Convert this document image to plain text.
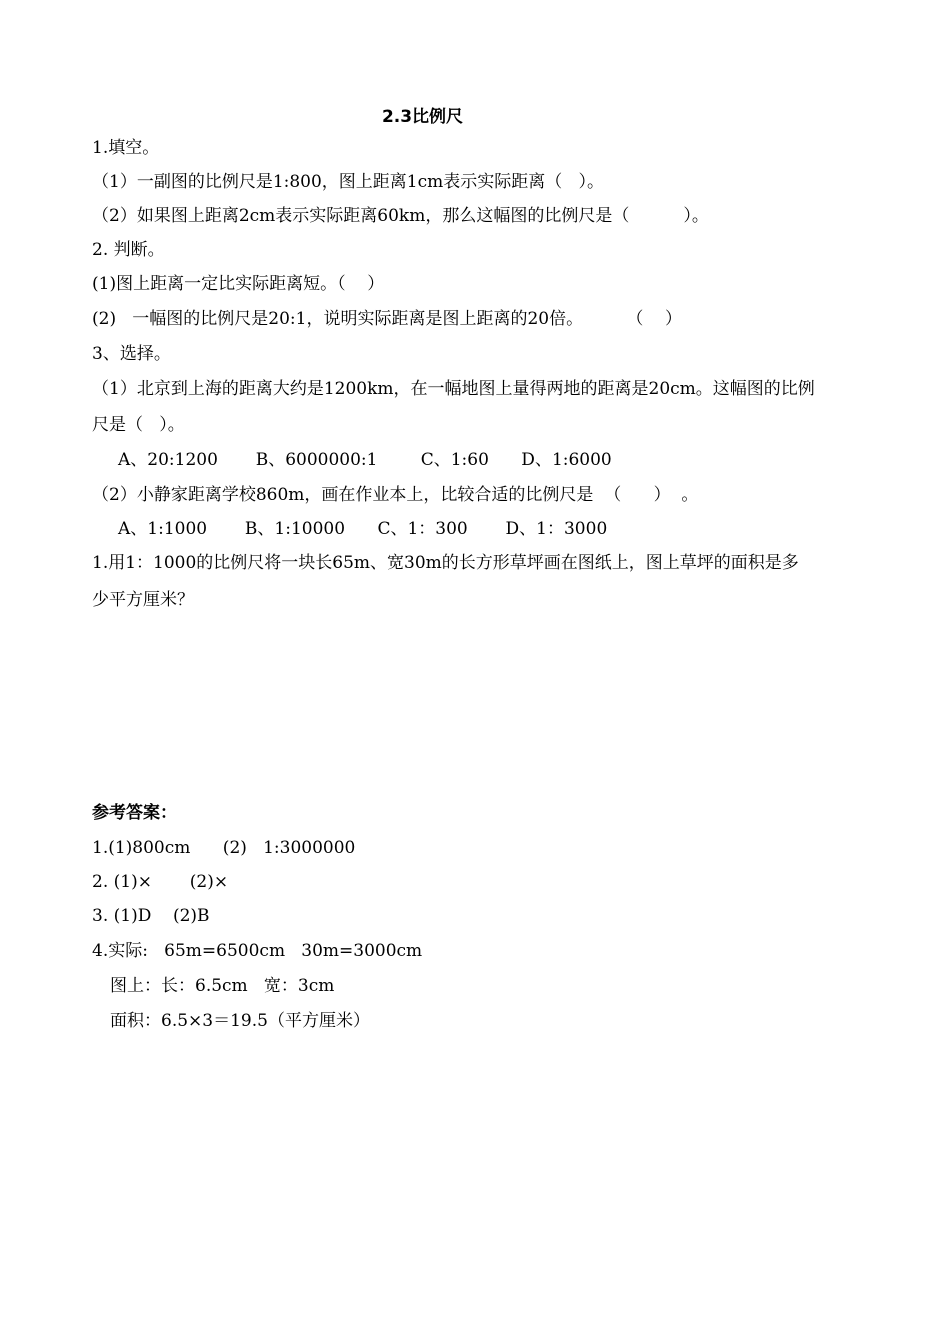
2.3比例尺
1.填空。
（1）一副图的比例尺是1:800，图上距离1cm表示实际距离（   ）。
（2）如果图上距离2cm表示实际距离60km，那么这幅图的比例尺是（          ）。
2. 判断。
(1)图上距离一定比实际距离短。（    ）
(2)   一幅图的比例尺是20:1，说明实际距离是图上距离的20倍。        （    ）
3、选择。
（1）北京到上海的距离大约是1200km，在一幅地图上量得两地的距离是20cm。这幅图的比例
尺是（   ）。
A、20:1200       B、6000000:1        C、1:60      D、1:6000
（2）小静家距离学校860m，画在作业本上，比较合适的比例尺是  （      ）  。
A、1:1000       B、1:10000      C、1：300       D、1：3000
1.用1：1000的比例尺将一块长65m、宽30m的长方形草坪画在图纸上，图上草坪的面积是多
少平方厘米？
参考答案：
1.(1)800cm      (2)   1:3000000
2. (1)×       (2)×
3. (1)D    (2)B
4.实际:   65m=6500cm   30m=3000cm
图上：长：6.5cm   宽：3cm
面积：6.5×3＝19.5（平方厘米）
